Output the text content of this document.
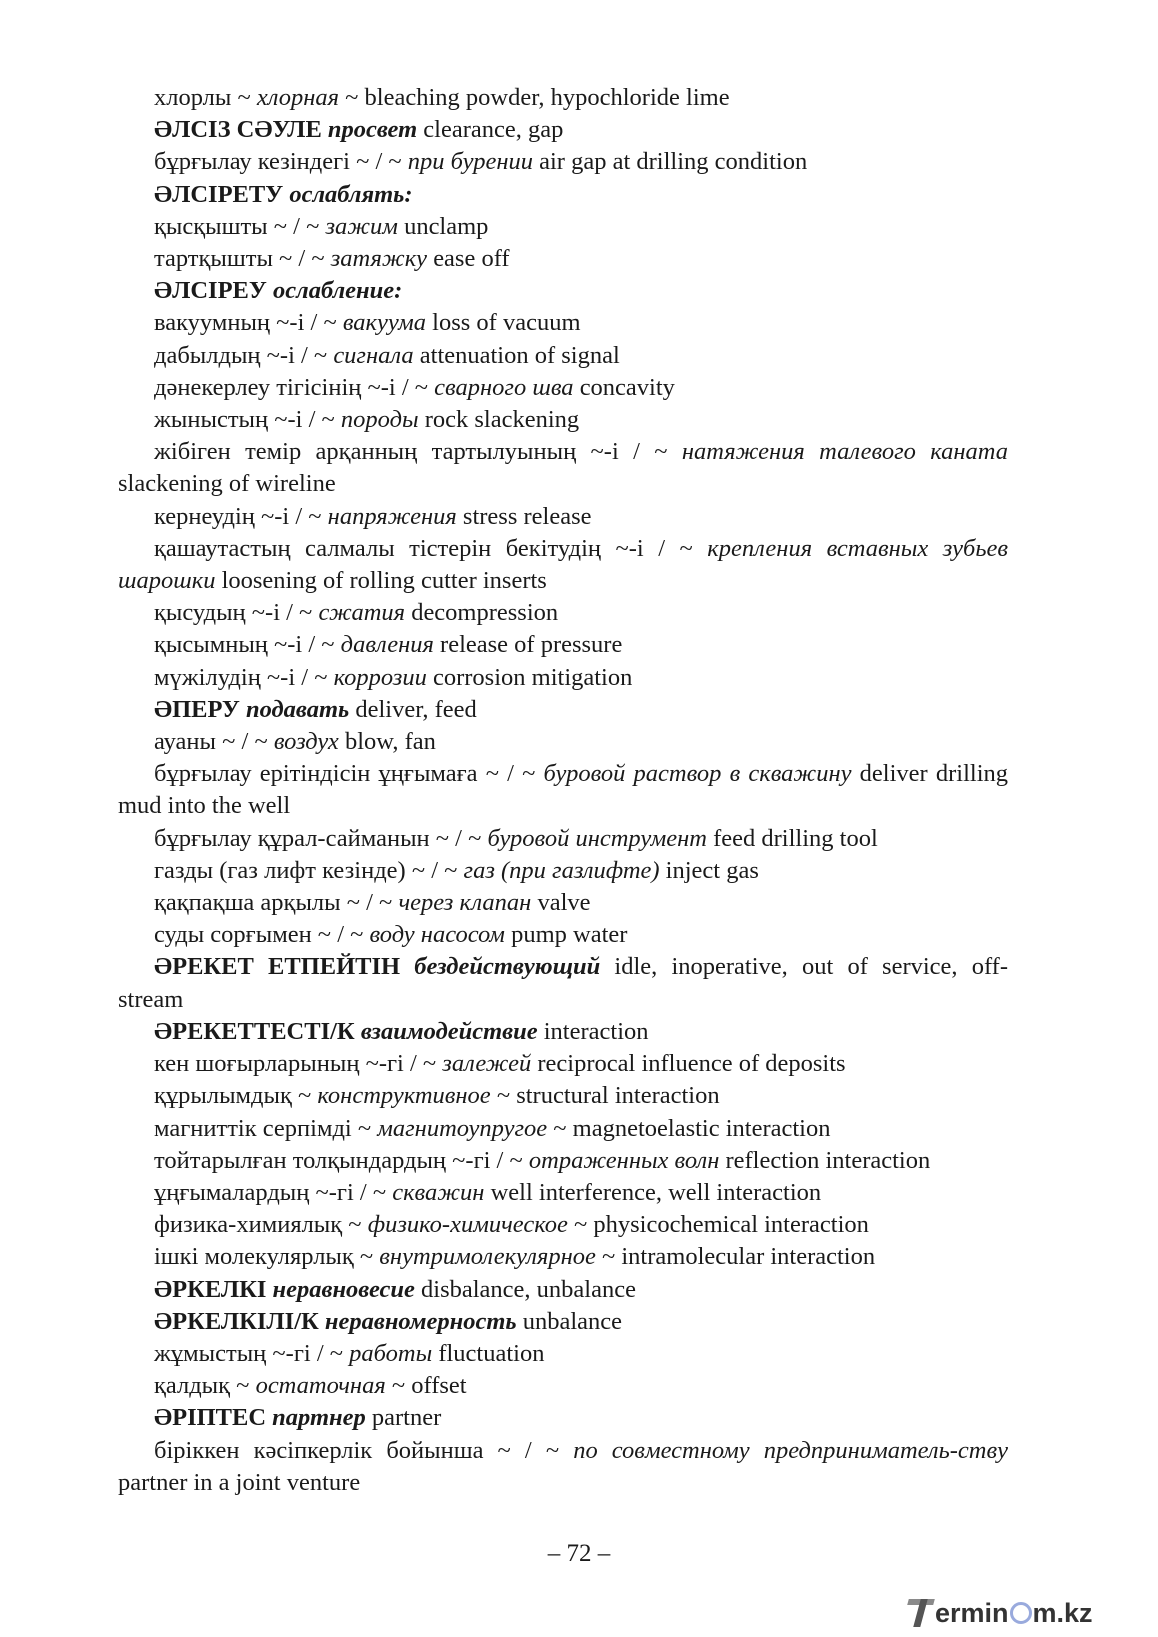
хлорлы ~ хлорная ~ bleaching powder, hypochloride lime

ӘЛСІЗ СӘУЛЕ просвет clearance, gap

бұрғылау кезіндегі ~ / ~ при бурении air gap at drilling condition

ӘЛСІРЕТУ ослаблять:

қысқышты ~ / ~ зажим unclamp

тартқышты ~ / ~ затяжку ease off

ӘЛСІРЕУ ослабление:

вакуумның ~-і / ~ вакуума loss of vacuum

дабылдың ~-і / ~ сигнала attenuation of signal

дәнекерлеу тігісінің ~-і / ~ сварного шва concavity

жыныстың ~-і / ~ породы rock slackening

жібіген темір арқанның тартылуының ~-і / ~ натяжения талевого каната slackening of wireline

кернеудің ~-і / ~ напряжения stress release

қашаутастың салмалы тістерін бекітудің ~-і / ~ крепления вставных зубьев шарошки loosening of rolling cutter inserts

қысудың ~-і / ~ сжатия decompression

қысымның ~-і / ~ давления release of pressure

мүжілудің ~-і / ~ коррозии corrosion mitigation

ӘПЕРУ подавать deliver, feed

ауаны ~ / ~ воздух blow, fan

бұрғылау ерітіндісін ұңғымаға ~ / ~ буровой раствор в скважину deliver drilling mud into the well

бұрғылау құрал-сайманын ~ / ~ буровой инструмент feed drilling tool

газды (газ лифт кезінде) ~ / ~ газ (при газлифте) inject gas

қақпақша арқылы ~ / ~ через клапан valve

суды сорғымен ~ / ~ воду насосом pump water

ӘРЕКЕТ ЕТПЕЙТІН бездействующий idle, inoperative, out of service, off-stream

ӘРЕКЕТТЕСТІ/К взаимодействие interaction

кен шоғырларының ~-гі / ~ залежей reciprocal influence of deposits

құрылымдық ~ конструктивное ~ structural interaction

магниттік серпімді ~ магнитоупругое ~ magnetoelastic interaction

тойтарылған толқындардың ~-гі / ~ отраженных волн reflection interaction

ұңғымалардың ~-гі / ~ скважин well interference, well interaction

физика-химиялық ~ физико-химическое ~ physicochemical interaction

ішкі молекулярлық ~ внутримолекулярное ~ intramolecular interaction

ӘРКЕЛКІ неравновесие disbalance, unbalance

ӘРКЕЛКІЛІ/К неравномерность unbalance

жұмыстың ~-гі / ~ работы fluctuation

қалдық ~ остаточная ~ offset

ӘРІПТЕС партнер partner

біріккен кәсіпкерлік бойынша ~ / ~ по совместному предприниматель-ству partner in a joint venture

– 72 –
ermin m.kz
